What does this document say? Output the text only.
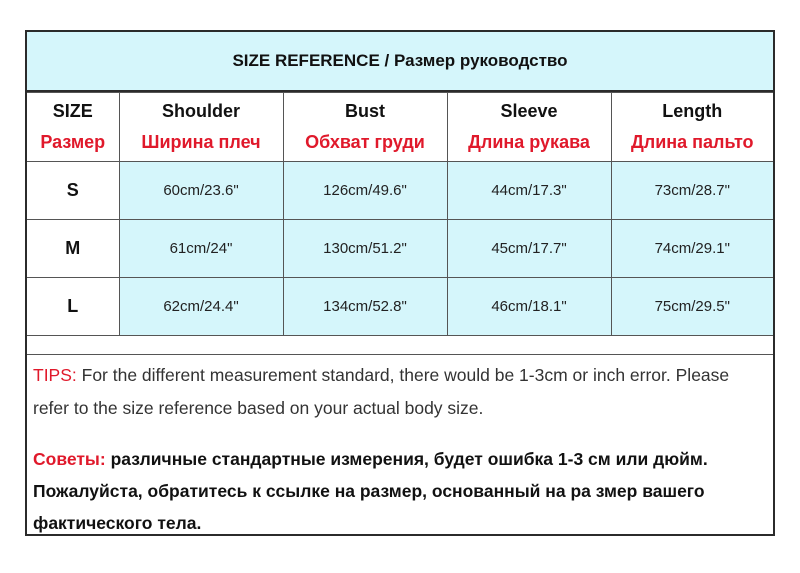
SIZE REFERENCE / Размер руководство
SIZE	Shoulder	Bust	Sleeve	Length
Размер	Ширина плеч	Обхват груди	Длина рукава	Длина пальто
S	60cm/23.6"	126cm/49.6"	44cm/17.3"	73cm/28.7"
M	61cm/24"	130cm/51.2"	45cm/17.7"	74cm/29.1"
L	62cm/24.4"	134cm/52.8"	46cm/18.1"	75cm/29.5"

TIPS: For the different measurement standard, there would be 1-3cm or inch error. Please refer to the size reference based on your actual body size.

Советы: различные стандартные измерения, будет ошибка 1-3 см или дюйм. Пожалуйста, обратитесь к ссылке на размер, основанный на ра змер вашего фактического тела.
